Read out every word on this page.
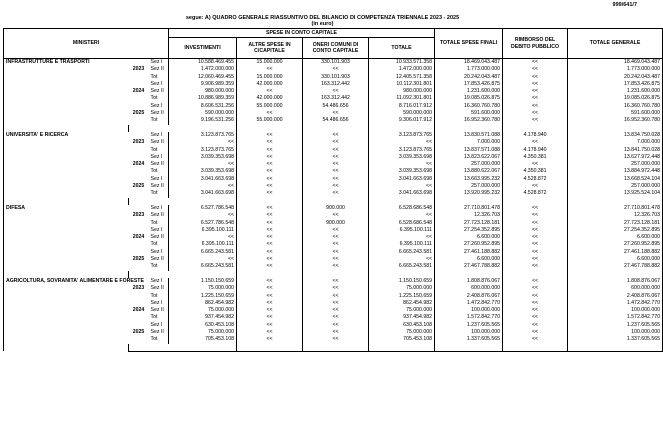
999/641/7
segue: A) QUADRO GENERALE RIASSUNTIVO DEL BILANCIO DI COMPETENZA TRIENNALE 2023 - 2025
(in euro)
MINISTERI			SPESE IN CONTO CAPITALE				TOTALE SPESE FINALI	RIMBORSO DEL DEBITO PUBBLICO	TOTALE GENERALE	
			INVESTIMENTI	ALTRE SPESE IN C/CAPITALE	ONERI COMUNI DI CONTO CAPITALE	TOTALE				
INFRASTRUTTURE E TRASPORTI	2023	Sez I	10.588.469.455	15.000.000	330.101.903	10.933.571.358	18.469.043.487	<<	18.469.043.487	
		Sez II	1.472.000.000	<<	<<	1.472.000.000	1.773.000.000	<<	1.773.000.000	
		Tot	12.060.469.455	15.000.000	330.101.903	12.405.571.358	20.242.043.487	<<	20.242.043.487	
	2024	Sez I	9.906.989.359	42.000.000	163.312.442	10.112.301.801	17.853.426.875	<<	17.853.426.875	
		Sez II	980.000.000	<<	<<	980.000.000	1.231.600.000	<<	1.231.600.000	
		Tot	10.886.989.359	42.000.000	163.312.442	11.092.301.801	19.085.026.875	<<	19.085.026.875	
	2025	Sez I	8.606.531.256	55.000.000	54.486.656	8.716.017.912	16.360.760.780	<<	16.360.760.780	
		Sez II	590.000.000	<<	<<	590.000.000	591.600.000	<<	591.600.000	
		Tot	9.196.531.256	55.000.000	54.486.656	9.306.017.912	16.952.360.780	<<	16.952.360.780	

UNIVERSITA' E RICERCA	2023	Sez I	3.123.873.765	<<	<<	3.123.873.765	13.830.571.088	4.178.940	13.834.750.028	
		Sez II	<<	<<	<<	<<	7.000.000	<<	7.000.000	
		Tot	3.123.873.765	<<	<<	3.123.873.765	13.837.571.088	4.178.940	13.841.750.028	
	2024	Sez I	3.039.353.698	<<	<<	3.039.353.698	13.823.622.067	4.350.381	13.627.972.448	
		Sez II	<<	<<	<<	<<	257.000.000	<<	257.000.000	
		Tot	3.039.353.698	<<	<<	3.039.353.698	13.880.622.067	4.350.381	13.884.972.448	
	2025	Sez I	3.041.663.698	<<	<<	3.041.663.698	13.663.995.232	4.528.872	13.668.524.104	
		Sez II	<<	<<	<<	<<	257.000.000	<<	257.000.000	
		Tot	3.041.663.698	<<	<<	3.041.663.698	13.920.995.232	4.528.872	13.925.524.104	

DIFESA	2023	Sez I	6.527.786.548	<<	900.000	6.528.686.548	27.710.801.478	<<	27.710.801.478	
		Sez II	<<	<<	<<	<<	12.326.703	<<	12.326.703	
		Tot	6.527.786.548	<<	900.000	6.528.686.548	27.723.128.181	<<	27.723.128.181	
	2024	Sez I	6.395.100.111	<<	<<	6.395.100.111	27.254.352.895	<<	27.254.352.895	
		Sez II	<<	<<	<<	<<	6.600.000	<<	6.600.000	
		Tot	6.395.100.111	<<	<<	6.395.100.111	27.260.952.895	<<	27.260.952.895	
	2025	Sez I	6.665.243.581	<<	<<	6.665.243.581	27.461.188.882	<<	27.461.188.882	
		Sez II	<<	<<	<<	<<	6.600.000	<<	6.600.000	
		Tot	6.665.243.581	<<	<<	6.665.243.581	27.467.788.882	<<	27.467.788.882	

AGRICOLTURA, SOVRANITA' ALIMENTARE E FORESTE	2023	Sez I	1.150.150.659	<<	<<	1.150.150.659	1.808.876.067	<<	1.808.876.067	
		Sez II	75.000.000	<<	<<	75.000.000	600.000.000	<<	600.000.000	
		Tot	1.225.150.659	<<	<<	1.225.150.659	2.408.876.067	<<	2.408.876.067	
	2024	Sez I	862.454.982	<<	<<	862.454.982	1.472.842.770	<<	1.472.842.770	
		Sez II	75.000.000	<<	<<	75.000.000	100.000.000	<<	100.000.000	
		Tot	937.454.982	<<	<<	937.454.982	1.572.842.770	<<	1.572.842.770	
	2025	Sez I	630.453.108	<<	<<	630.453.108	1.237.605.565	<<	1.237.605.565	
		Sez II	75.000.000	<<	<<	75.000.000	100.000.000	<<	100.000.000	
		Tot	705.453.108	<<	<<	705.453.108	1.337.605.565	<<	1.337.605.565	
